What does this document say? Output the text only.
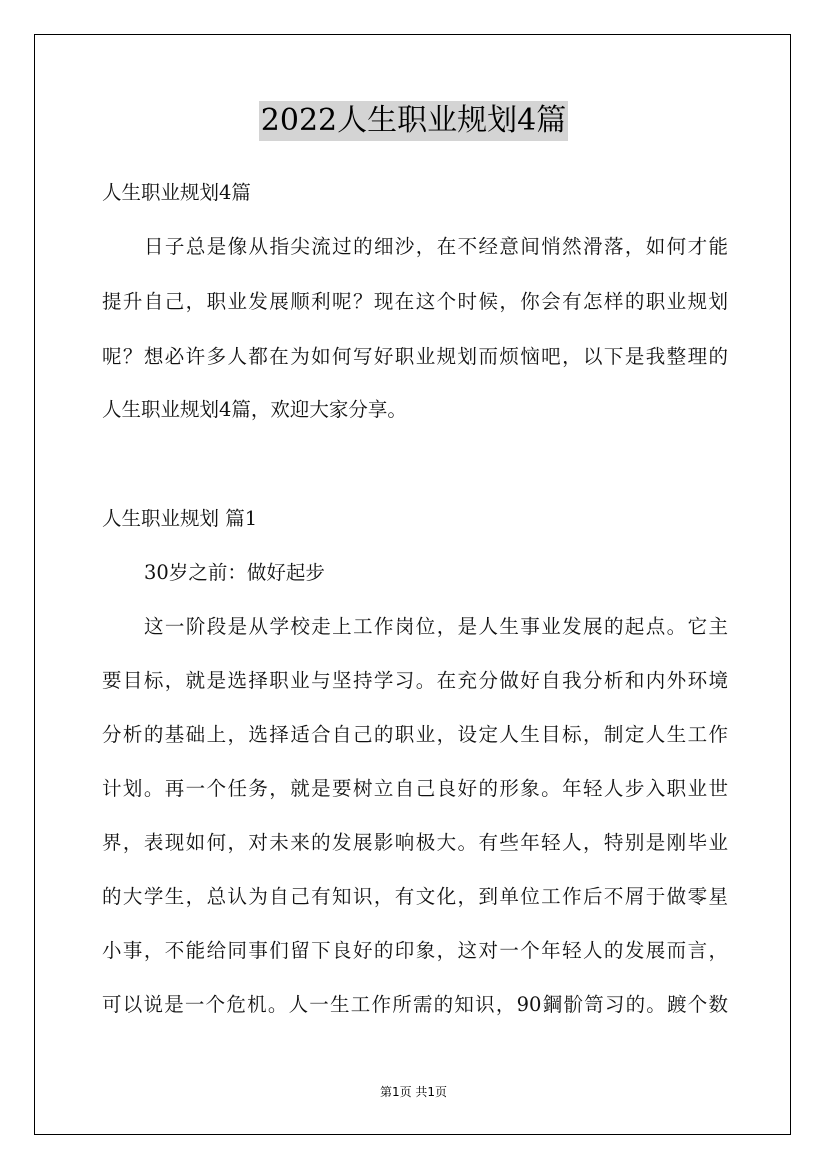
2022人生职业规划4篇
人生职业规划4篇
日子总是像从指尖流过的细沙，在不经意间悄然滑落，如何才能
提升自己，职业发展顺利呢？现在这个时候，你会有怎样的职业规划
呢？想必许多人都在为如何写好职业规划而烦恼吧，以下是我整理的
人生职业规划4篇，欢迎大家分享。
人生职业规划 篇1
30岁之前：做好起步
这一阶段是从学校走上工作岗位，是人生事业发展的起点。它主
要目标，就是选择职业与坚持学习。在充分做好自我分析和内外环境
分析的基础上，选择适合自己的职业，设定人生目标，制定人生工作
计划。再一个任务，就是要树立自己良好的形象。年轻人步入职业世
界，表现如何，对未来的发展影响极大。有些年轻人，特别是刚毕业
的大学生，总认为自己有知识，有文化，到单位工作后不屑于做零星
小事，不能给同事们留下良好的印象，这对一个年轻人的发展而言，
可以说是一个危机。人一生工作所需的知识，90鋼骱笥习的。踱个数
第1页 共1页
